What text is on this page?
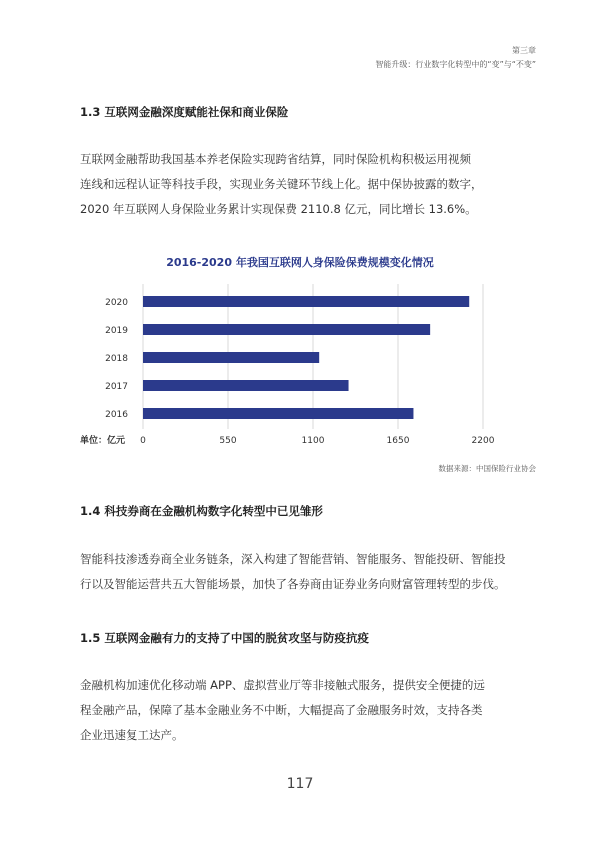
第三章
智能升级：行业数字化转型中的“变”与“不变”
1.3 互联网金融深度赋能社保和商业保险
互联网金融帮助我国基本养老保险实现跨省结算，同时保险机构积极运用视频
连线和远程认证等科技手段，实现业务关键环节线上化。据中保协披露的数字，
2020 年互联网人身保险业务累计实现保费 2110.8 亿元，同比增长 13.6%。
2016-2020 年我国互联网人身保险保费规模变化情况
2020
2019
2018
2017
2016
0	550	1100	1650	2200
单位：亿元
数据来源：中国保险行业协会
1.4 科技券商在金融机构数字化转型中已见雏形
智能科技渗透券商全业务链条，深入构建了智能营销、智能服务、智能投研、智能投
行以及智能运营共五大智能场景，加快了各券商由证券业务向财富管理转型的步伐。
1.5 互联网金融有力的支持了中国的脱贫攻坚与防疫抗疫
金融机构加速优化移动端 APP、虚拟营业厅等非接触式服务，提供安全便捷的远
程金融产品，保障了基本金融业务不中断，大幅提高了金融服务时效，支持各类
企业迅速复工达产。
117
